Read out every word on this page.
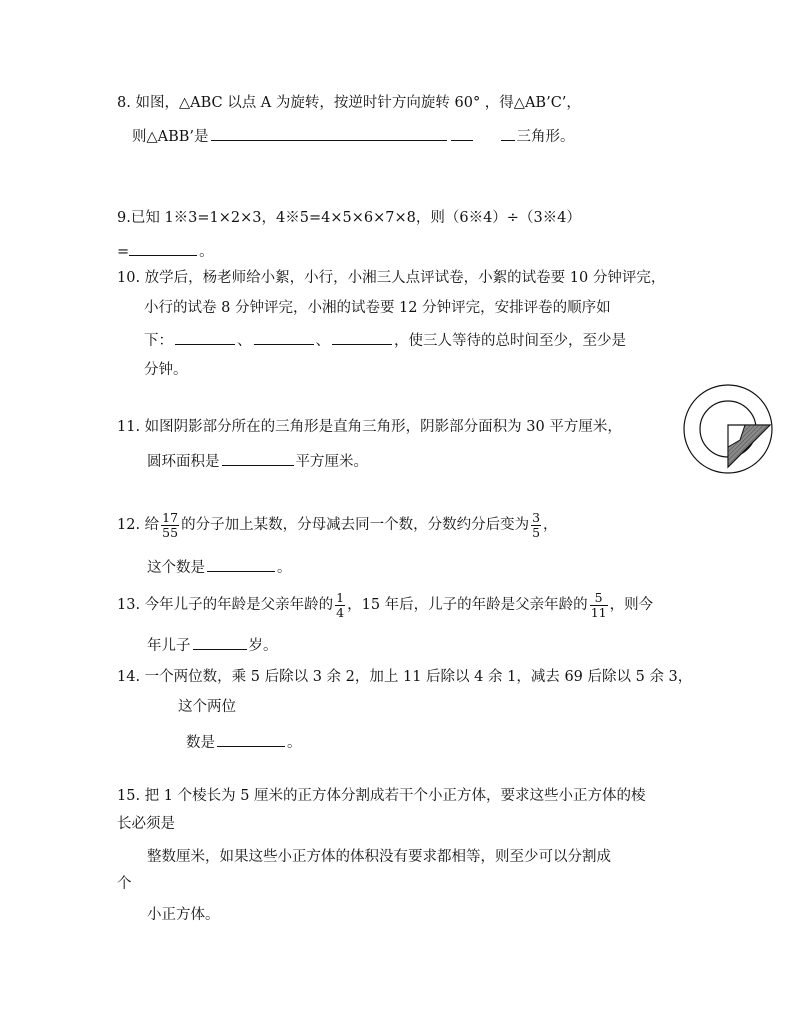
8. 如图，△ABC 以点 A 为旋转，按逆时针方向旋转 60° ，得△AB’C’，
则△ABB’是	三角形。
9.已知 1※3=1×2×3，4※5=4×5×6×7×8，则（6※4）÷（3※4）
=	。
10. 放学后，杨老师给小絮，小行，小湘三人点评试卷，小絮的试卷要 10 分钟评完，
小行的试卷 8 分钟评完，小湘的试卷要 12 分钟评完，安排评卷的顺序如
下：	、	、	，使三人等待的总时间至少，至少是
分钟。
11. 如图阴影部分所在的三角形是直角三角形，阴影部分面积为 30 平方厘米，
圆环面积是	平方厘米。
12. 给 $\frac{17}{55}$ 的分子加上某数，分母减去同一个数，分数约分后变为 $\frac{3}{5}$ ，
这个数是	。
13. 今年儿子的年龄是父亲年龄的 $\frac{1}{4}$ ，15 年后，儿子的年龄是父亲年龄的 $\frac{5}{11}$ ，则今
年儿子	岁。
14. 一个两位数，乘 5 后除以 3 余 2，加上 11 后除以 4 余 1，减去 69 后除以 5 余 3，
这个两位
数是	。
15. 把 1 个棱长为 5 厘米的正方体分割成若干个小正方体，要求这些小正方体的棱
长必须是
整数厘米，如果这些小正方体的体积没有要求都相等，则至少可以分割成
个
小正方体。
